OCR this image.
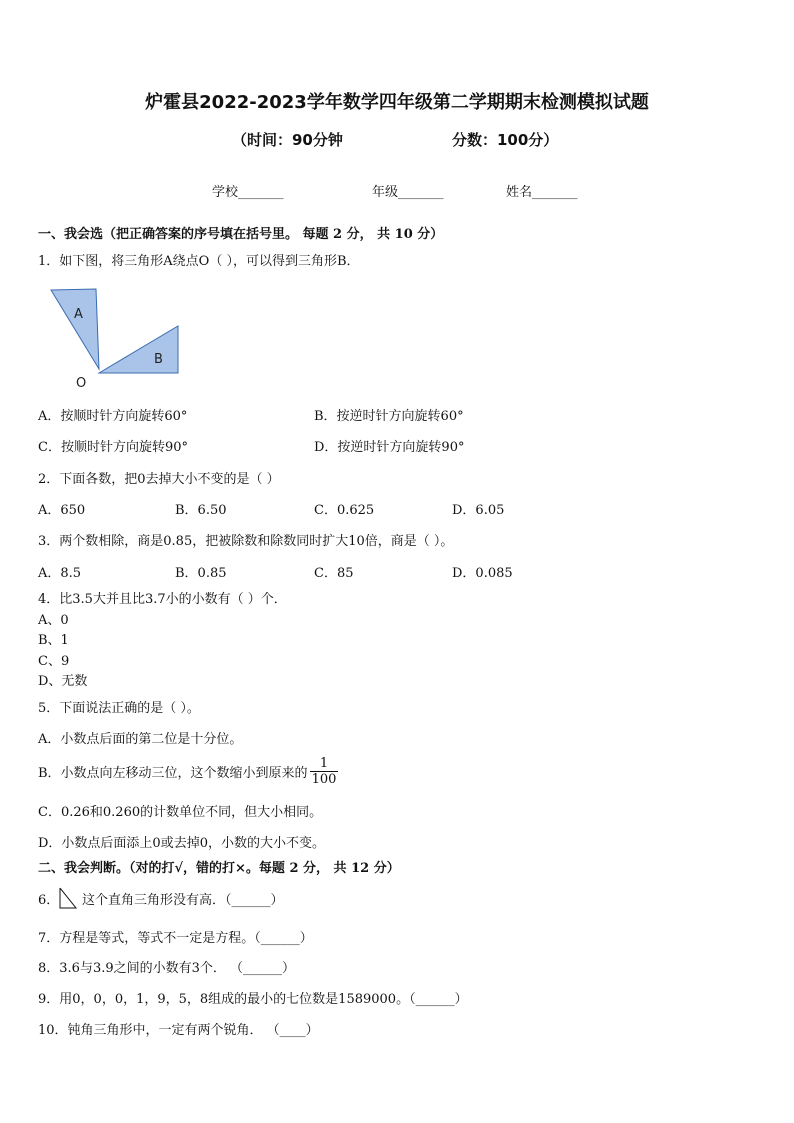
炉霍县2022-2023学年数学四年级第二学期期末检测模拟试题
（时间：90分钟	分数：100分）
学校_______	年级_______	姓名_______
一、我会选（把正确答案的序号填在括号里。 每题 2 分， 共 10 分）
1．如下图，将三角形A绕点O（ ），可以得到三角形B．
A
B
O
A．按顺时针方向旋转60°	B．按逆时针方向旋转60°
C．按顺时针方向旋转90°	D．按逆时针方向旋转90°
2．下面各数，把0去掉大小不变的是（ ）
A．650	B．6.50	C．0.625	D．6.05
3．两个数相除，商是0.85，把被除数和除数同时扩大10倍，商是（ ）。
A．8.5	B．0.85	C．85	D．0.085
4．比3.5大并且比3.7小的小数有（ ）个．
A、0
B、1
C、9
D、无数
5．下面说法正确的是（ ）。
A．小数点后面的第二位是十分位。
B．小数点向左移动三位，这个数缩小到原来的 $\frac{1}{100}$
C．0.26和0.260的计数单位不同，但大小相同。
D．小数点后面添上0或去掉0，小数的大小不变。
二、我会判断。（对的打√，错的打×。每题 2 分， 共 12 分）
6． 这个直角三角形没有高．（______）
7．方程是等式，等式不一定是方程。（______）
8．3.6与3.9之间的小数有3个． （______）
9．用0，0，0，1，9，5，8组成的最小的七位数是1589000。（______）
10．钝角三角形中，一定有两个锐角． （____）
